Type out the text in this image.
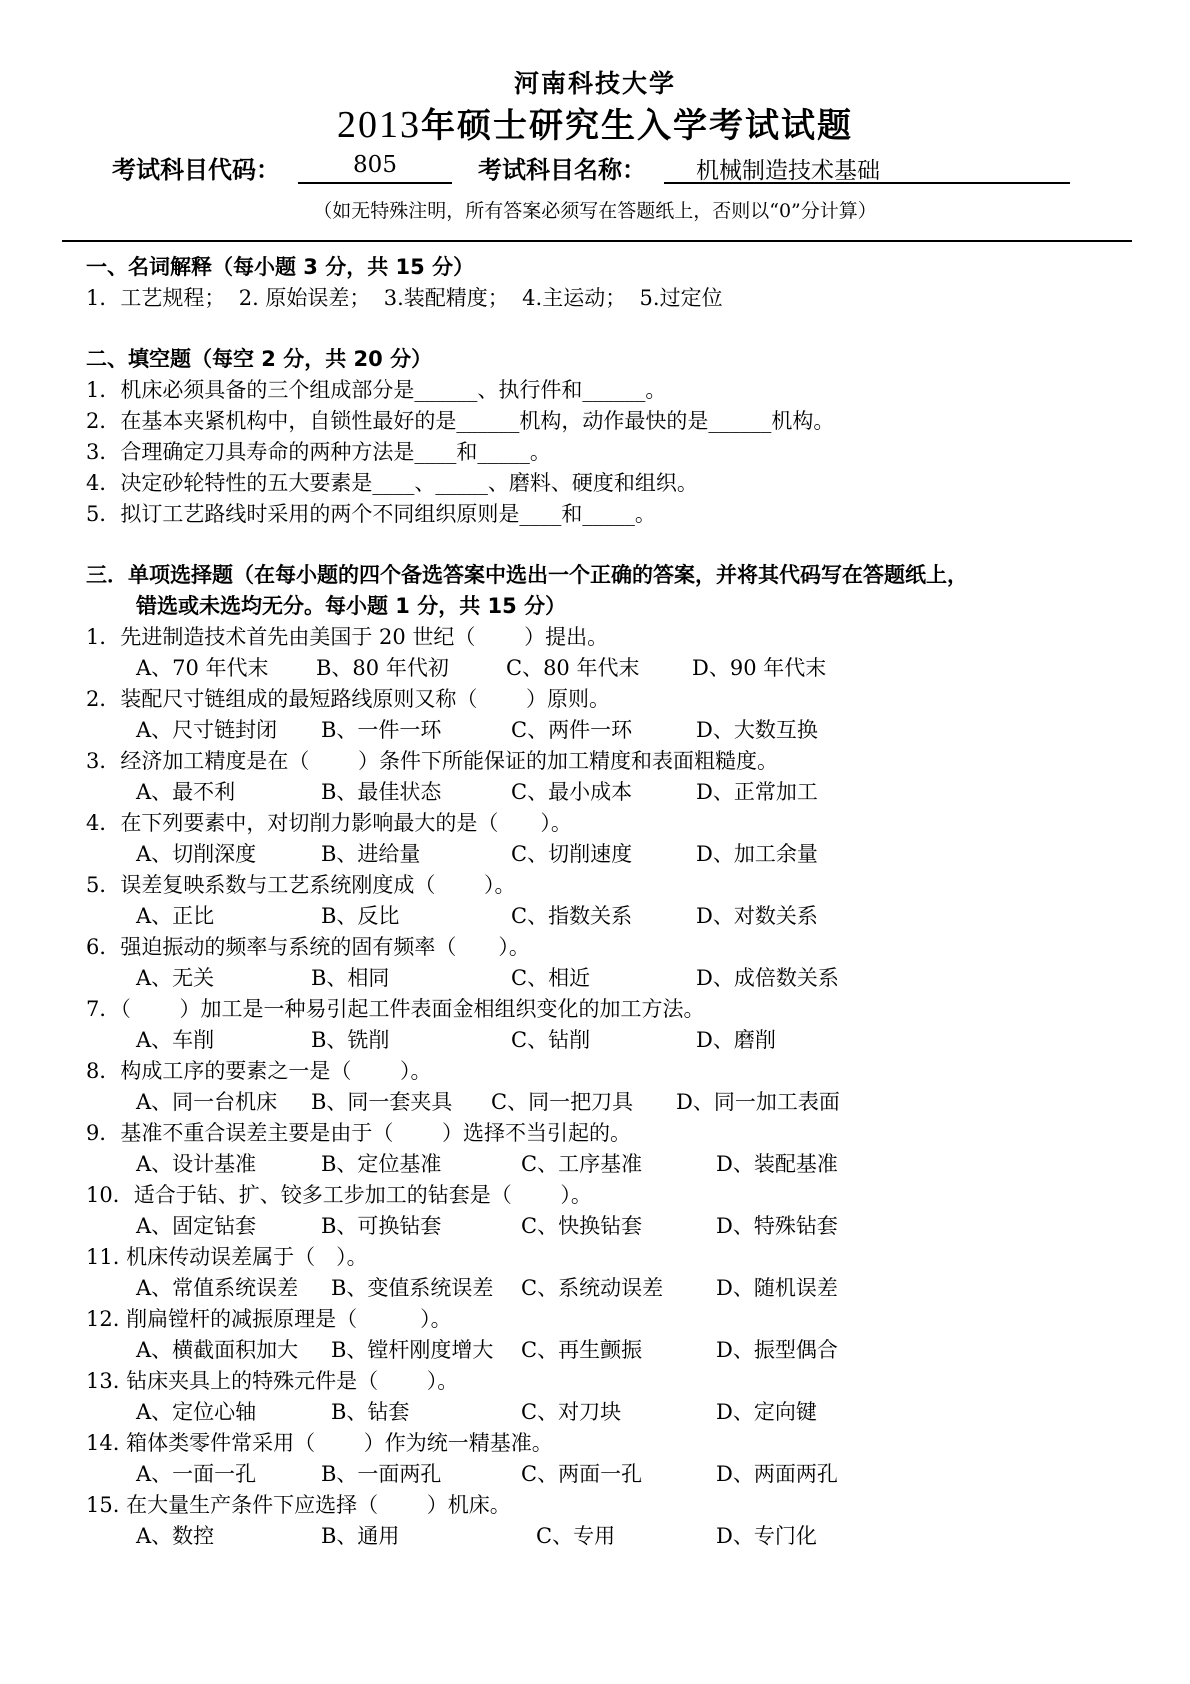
河南科技大学
2013年硕士研究生入学考试试题
考试科目代码：	805	考试科目名称：	机械制造技术基础
（如无特殊注明，所有答案必须写在答题纸上，否则以“0”分计算）
一、名词解释（每小题 3 分，共 15 分）
1．工艺规程；  2. 原始误差；  3.装配精度；  4.主运动；  5.过定位
二、填空题（每空 2 分，共 20 分）
1．机床必须具备的三个组成部分是______、执行件和______。
2．在基本夹紧机构中，自锁性最好的是______机构，动作最快的是______机构。
3．合理确定刀具寿命的两种方法是____和_____。
4．决定砂轮特性的五大要素是____、_____、磨料、硬度和组织。
5．拟订工艺路线时采用的两个不同组织原则是____和_____。
三．单项选择题（在每小题的四个备选答案中选出一个正确的答案，并将其代码写在答题纸上，
错选或未选均无分。每小题 1 分，共 15 分）
1．先进制造技术首先由美国于 20 世纪（　　 ）提出。
A、70 年代末 B、80 年代初	C、80 年代末	D、90 年代末
2．装配尺寸链组成的最短路线原则又称（　　 ）原则。
A、尺寸链封闭 B、一件一环	C、两件一环	D、大数互换
3．经济加工精度是在（　　 ）条件下所能保证的加工精度和表面粗糙度。
A、最不利	B、最佳状态	C、最小成本	D、正常加工
4．在下列要素中，对切削力影响最大的是（　　）。
A、切削深度	B、进给量	C、切削速度	D、加工余量
5．误差复映系数与工艺系统刚度成（　　 ）。
A、正比	B、反比	C、指数关系	D、对数关系
6．强迫振动的频率与系统的固有频率（　　）。
A、无关	B、相同	C、相近	D、成倍数关系
7．（　　 ）加工是一种易引起工件表面金相组织变化的加工方法。
A、车削	B、铣削	C、钻削	D、磨削
8．构成工序的要素之一是（　　 ）。
A、同一台机床 B、同一套夹具 C、同一把刀具 D、同一加工表面
9．基准不重合误差主要是由于（　　 ）选择不当引起的。
A、设计基准	B、定位基准	C、工序基准	D、装配基准
10．适合于钻、扩、铰多工步加工的钻套是（　　 ）。
A、固定钻套	B、可换钻套	C、快换钻套	D、特殊钻套
11. 机床传动误差属于（　）。
A、常值系统误差 B、变值系统误差 C、系统动误差	D、随机误差
12. 削扁镗杆的减振原理是（　　　）。
A、横截面积加大 B、镗杆刚度增大 C、再生颤振	D、振型偶合
13. 钻床夹具上的特殊元件是（　　 ）。
A、定位心轴	B、钻套	C、对刀块	D、定向键
14. 箱体类零件常采用（　　 ）作为统一精基准。
A、一面一孔	B、一面两孔	C、两面一孔	D、两面两孔
15. 在大量生产条件下应选择（　　 ）机床。
A、数控	B、通用	C、专用	D、专门化
